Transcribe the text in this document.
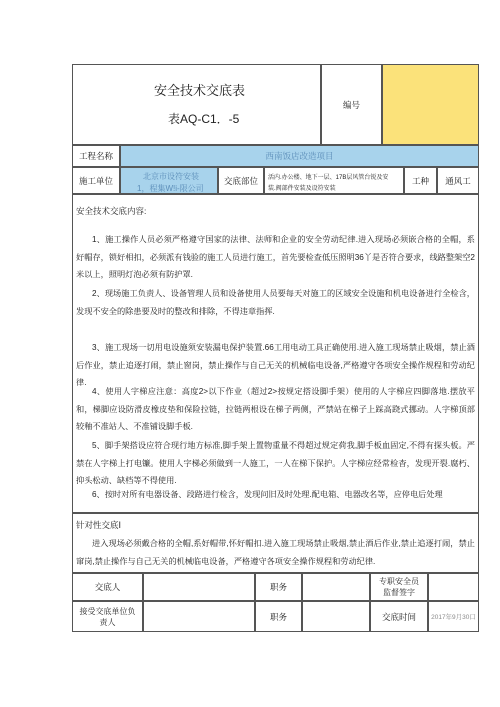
安全技术交底表
表AQ-C1．-5
编号
工程名称	西南饭店改造项目
施工单位	北京市设符安装
1，程集W!i-限公司
交底部位 活内.办公楼、地下一层、17B层风管台锐及安
装.阀部件安装及设符安装
工种 通风工
安全技术交底内容:
1、施工操作人员必须严格遵守国家的法律、法师和企业的安全劳动纪律.进入现场必须嵌合格的全帽，系好帽存，锁好相扣，必须派有钱验的施工人员进行施工，首先要检查低压照明36丫是否符合要求，线路整架空2米以上，照明灯泡必须有防护罩.
2、现场施工负责人、设备管理人员和设备使用人员要每天对施工的区域安全设施和机电设备进行全检含，发现不安全的除患要及时的整改和排除，不得违章指挥.
3、施工现场一切用电设施须安装漏电保护装置.66工用电动工具正确使用.进入施工现场禁止吸烟，禁止酒后作业，禁止追逐打闹，禁止窗岗，禁止操作与自己无关的机械临电设备,严格遵守各项安全操作规程和劳动纪律.
4、使用人字梯应注意：高度2>以下作业（超过2>按规定搭设脚手架）使用的人字梯应四脚落地.摆放平和，梯脚应设防滑皮橡皮垫和保险拉链，拉链两根设在梯子两侧，严禁站在梯子上踩高跷式挪动。人字梯顶部较釉不准站人、不准铺设脚手板.
5、脚手架搭设应符合现行地方标准,脚手架上置物重量不得超过规定荷我,脚手板血固定,不得有探头板。严禁在人字梯上打电镰。使用人字梯必须做到一人施工，一人在梯下保护。人字梯应经常检杳，发现开裂.腐朽、抑头松动、缺档等不得使用.
6、按时对所有电器设备、段路进行检含，发现问旧及时处理.配电箱、电器改名等，应停电后处理
针对性交底Ⅰ
进入现场必须戴合格的全帽,系好帽带,怀好帽扣.进入施工现场禁止吸烟,禁止酒后作业,禁止追逐打闹，禁止窜岗,禁止操作与自己无关的机械临电设备，严格遵守各项安全操作规程和劳动纪律.
交底人	职务
专职安全员
监督签字
接受交底单位负
责人
职务	交底时间 2017年9月30口
